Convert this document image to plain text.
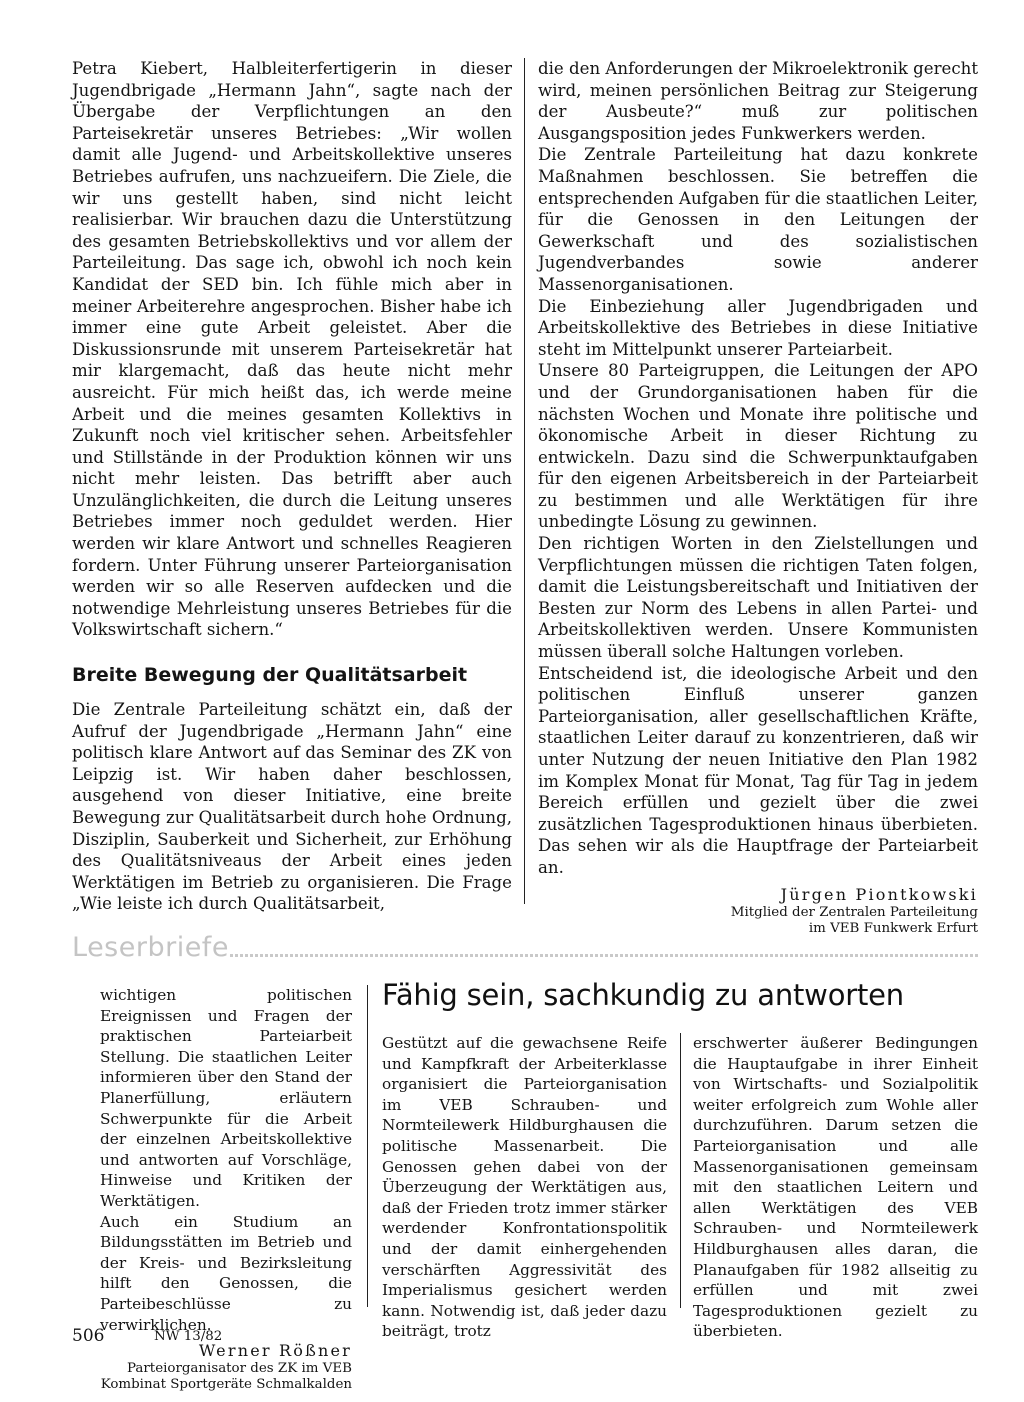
Petra Kiebert, Halbleiterfertigerin in dieser Jugendbrigade „Hermann Jahn“, sagte nach der Übergabe der Verpflichtungen an den Parteisekretär unseres Betriebes: „Wir wollen damit alle Jugend- und Arbeitskollektive unseres Betriebes aufrufen, uns nachzueifern. Die Ziele, die wir uns gestellt haben, sind nicht leicht realisierbar. Wir brauchen dazu die Unterstützung des gesamten Betriebskollektivs und vor allem der Parteileitung. Das sage ich, obwohl ich noch kein Kandidat der SED bin. Ich fühle mich aber in meiner Arbeiterehre angesprochen. Bisher habe ich immer eine gute Arbeit geleistet. Aber die Diskussionsrunde mit unserem Parteisekretär hat mir klargemacht, daß das heute nicht mehr ausreicht. Für mich heißt das, ich werde meine Arbeit und die meines gesamten Kollektivs in Zukunft noch viel kritischer sehen. Arbeitsfehler und Stillstände in der Produktion können wir uns nicht mehr leisten. Das betrifft aber auch Unzulänglichkeiten, die durch die Leitung unseres Betriebes immer noch geduldet werden. Hier werden wir klare Antwort und schnelles Reagieren fordern. Unter Führung unserer Parteiorganisation werden wir so alle Reserven aufdecken und die notwendige Mehrleistung unseres Betriebes für die Volkswirtschaft sichern.“

Breite Bewegung der Qualitätsarbeit

Die Zentrale Parteileitung schätzt ein, daß der Aufruf der Jugendbrigade „Hermann Jahn“ eine politisch klare Antwort auf das Seminar des ZK von Leipzig ist. Wir haben daher beschlossen, ausgehend von dieser Initiative, eine breite Bewegung zur Qualitätsarbeit durch hohe Ordnung, Disziplin, Sauberkeit und Sicherheit, zur Erhöhung des Qualitätsniveaus der Arbeit eines jeden Werktätigen im Betrieb zu organisieren. Die Frage „Wie leiste ich durch Qualitätsarbeit,

die den Anforderungen der Mikroelektronik gerecht wird, meinen persönlichen Beitrag zur Steigerung der Ausbeute?“ muß zur politischen Ausgangsposition jedes Funkwerkers werden.

Die Zentrale Parteileitung hat dazu konkrete Maßnahmen beschlossen. Sie betreffen die entsprechenden Aufgaben für die staatlichen Leiter, für die Genossen in den Leitungen der Gewerkschaft und des sozialistischen Jugendverbandes sowie anderer Massenorganisationen.

Die Einbeziehung aller Jugendbrigaden und Arbeitskollektive des Betriebes in diese Initiative steht im Mittelpunkt unserer Parteiarbeit.

Unsere 80 Parteigruppen, die Leitungen der APO und der Grundorganisationen haben für die nächsten Wochen und Monate ihre politische und ökonomische Arbeit in dieser Richtung zu entwickeln. Dazu sind die Schwerpunktaufgaben für den eigenen Arbeitsbereich in der Parteiarbeit zu bestimmen und alle Werktätigen für ihre unbedingte Lösung zu gewinnen.

Den richtigen Worten in den Zielstellungen und Verpflichtungen müssen die richtigen Taten folgen, damit die Leistungsbereitschaft und Initiativen der Besten zur Norm des Lebens in allen Partei- und Arbeitskollektiven werden. Unsere Kommunisten müssen überall solche Haltungen vorleben.

Entscheidend ist, die ideologische Arbeit und den politischen Einfluß unserer ganzen Parteiorganisation, aller gesellschaftlichen Kräfte, staatlichen Leiter darauf zu konzentrieren, daß wir unter Nutzung der neuen Initiative den Plan 1982 im Komplex Monat für Monat, Tag für Tag in jedem Bereich erfüllen und gezielt über die zwei zusätzlichen Tagesproduktionen hinaus überbieten. Das sehen wir als die Hauptfrage der Parteiarbeit an.

Jürgen Piontkowski
Mitglied der Zentralen Parteileitung
im VEB Funkwerk Erfurt
Leserbriefe

wichtigen politischen Ereignissen und Fragen der praktischen Parteiarbeit Stellung. Die staatlichen Leiter informieren über den Stand der Planerfüllung, erläutern Schwerpunkte für die Arbeit der einzelnen Arbeitskollektive und antworten auf Vorschläge, Hinweise und Kritiken der Werktätigen.

Auch ein Studium an Bildungsstätten im Betrieb und der Kreis- und Bezirksleitung hilft den Genossen, die Parteibeschlüsse zu verwirklichen.

Werner Rößner
Parteiorganisator des ZK im VEB
Kombinat Sportgeräte Schmalkalden
Fähig sein, sachkundig zu antworten

Gestützt auf die gewachsene Reife und Kampfkraft der Arbeiterklasse organisiert die Parteiorganisation im VEB Schrauben- und Normteilewerk Hildburghausen die politische Massenarbeit. Die Genossen gehen dabei von der Überzeugung der Werktätigen aus, daß der Frieden trotz immer stärker werdender Konfrontationspolitik und der damit einhergehenden verschärften Aggressivität des Imperialismus gesichert werden kann. Notwendig ist, daß jeder dazu beiträgt, trotz

erschwerter äußerer Bedingungen die Hauptaufgabe in ihrer Einheit von Wirtschafts- und Sozialpolitik weiter erfolgreich zum Wohle aller durchzuführen. Darum setzen die Parteiorganisation und alle Massenorganisationen gemeinsam mit den staatlichen Leitern und allen Werktätigen des VEB Schrauben- und Normteilewerk Hildburghausen alles daran, die Planaufgaben für 1982 allseitig zu erfüllen und mit zwei Tagesproduktionen gezielt zu überbieten.

506	NW 13/82
